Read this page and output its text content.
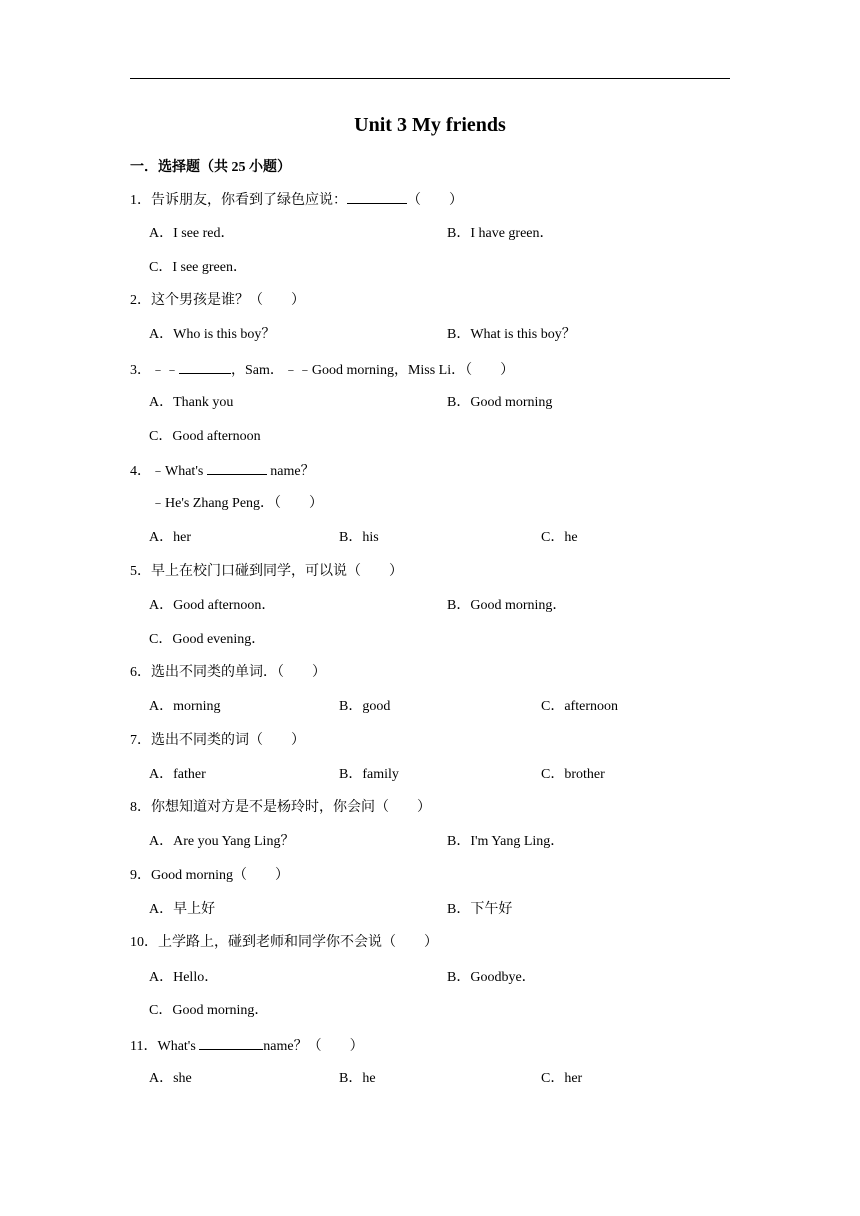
Unit 3 My friends
一．选择题（共 25 小题）
1．告诉朋友，你看到了绿色应说：	（　　）
A．I see red．	B．I have green．
C．I see green．
2．这个男孩是谁？（　　）
A．Who is this boy？	B．What is this boy？
3．﹣﹣	，Sam．﹣﹣Good morning，Miss Li．（　　）
A．Thank you	B．Good morning
C．Good afternoon
4．﹣What's	name？
﹣He's Zhang Peng．（　　）
A．her	B．his	C．he
5．早上在校门口碰到同学，可以说（　　）
A．Good afternoon．	B．Good morning．
C．Good evening．
6．选出不同类的单词．（　　）
A．morning	B．good	C．afternoon
7．选出不同类的词（　　）
A．father	B．family	C．brother
8．你想知道对方是不是杨玲时，你会问（　　）
A．Are you Yang Ling？	B．I'm Yang Ling．
9．Good morning（　　）
A．早上好	B．下午好
10．上学路上，碰到老师和同学你不会说（　　）
A．Hello．	B．Goodbye．
C．Good morning．
11．What's	name？（　　）
A．she	B．he	C．her
